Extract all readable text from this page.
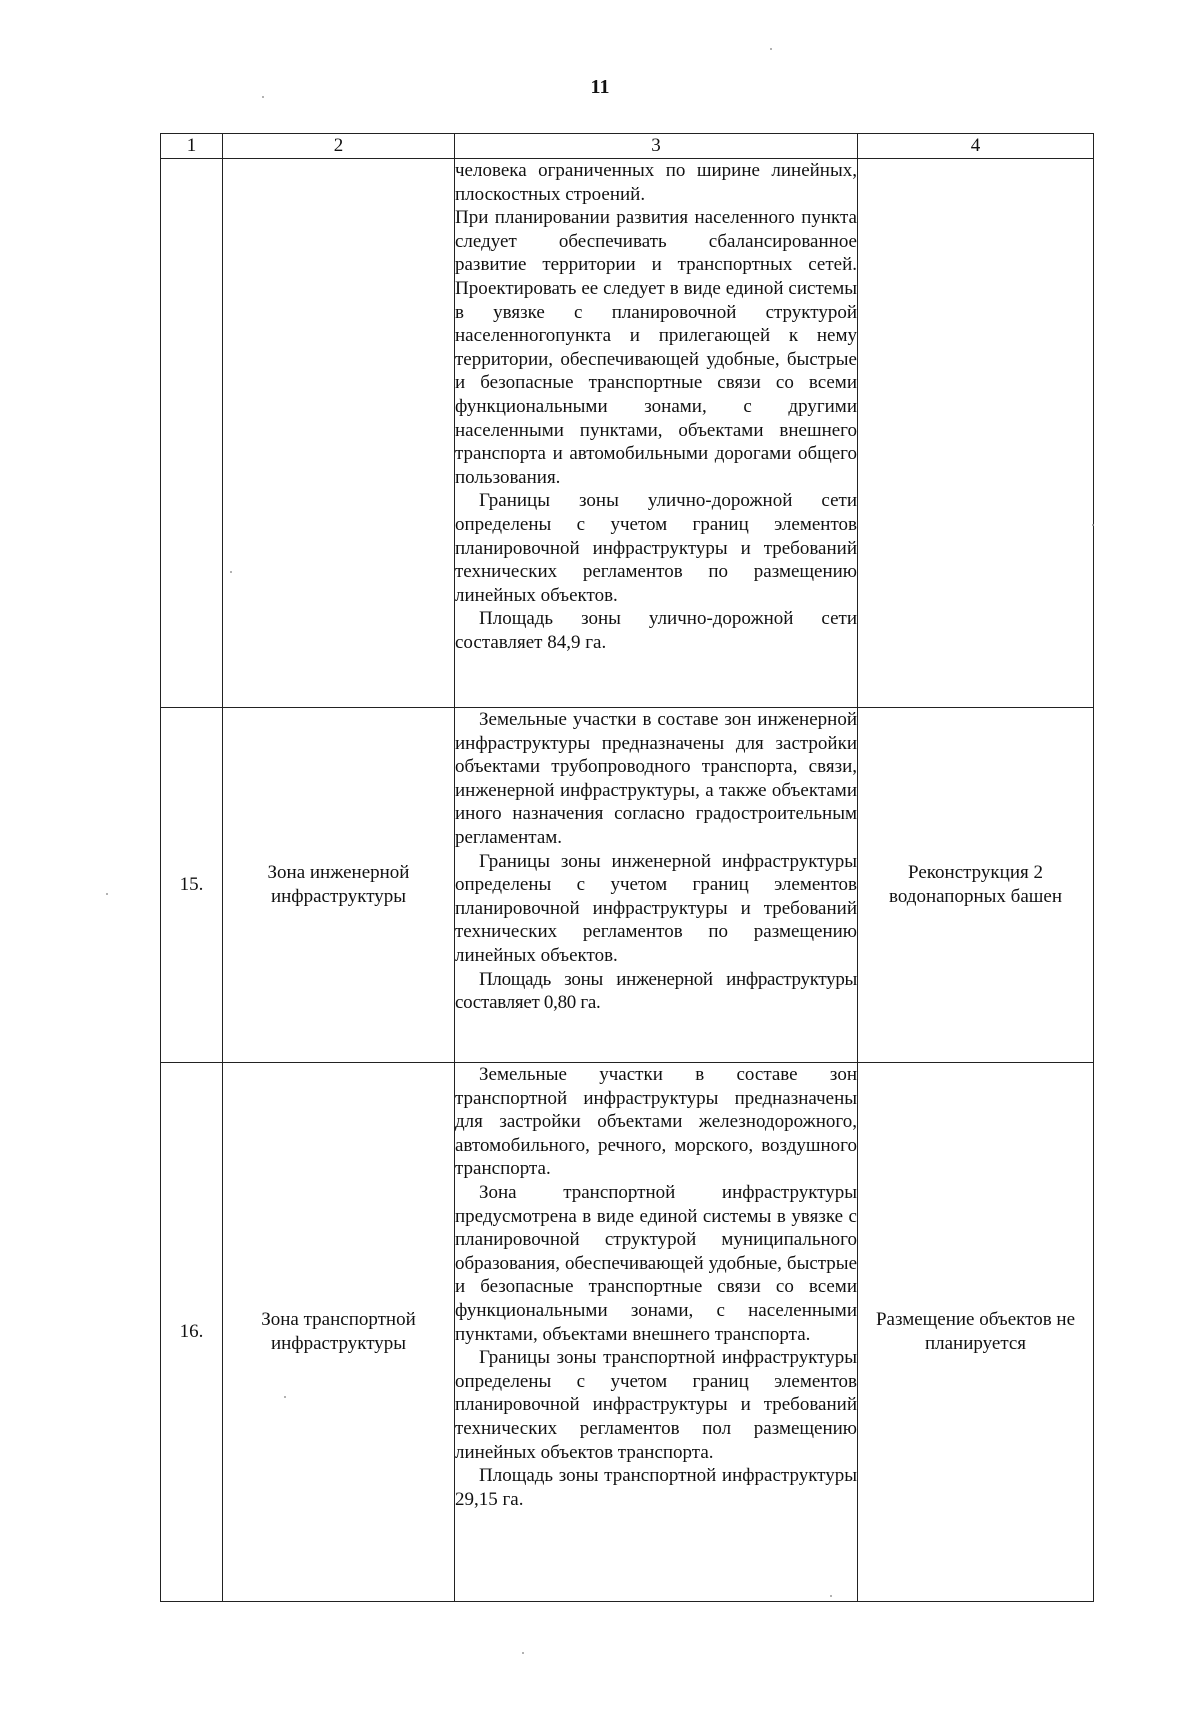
11
1	2	3	4

		человека ограниченных по ширине линейных, плоскостных строений.

При планировании развития населенного пункта следует обеспечивать сбалансированное развитие территории и транспортных сетей. Проектировать ее следует в виде единой системы в увязке с планировочной структурой населенногопункта и прилегающей к нему территории, обеспечивающей удобные, быстрые и безопасные транспортные связи со всеми функциональными зонами, с другими населенными пунктами, объектами внешнего транспорта и автомобильными дорогами общего пользования.

Границы зоны улично-дорожной сети определены с учетом границ элементов планировочной инфраструктуры и требований технических регламентов по размещению линейных объектов.

Площадь зоны улично-дорожной сети составляет 84,9 га.	

15.	Зона инженерной инфраструктуры	Земельные участки в составе зон инженерной инфраструктуры предназначены для застройки объектами трубопроводного транспорта, связи, инженерной инфраструктуры, а также объектами иного назначения согласно градостроительным регламентам.

Границы зоны инженерной инфраструктуры определены с учетом границ элементов планировочной инфраструктуры и требований технических регламентов по размещению линейных объектов.

Площадь зоны инженерной инфраструктуры составляет 0,80 га.	Реконструкция 2 водонапорных башен
16.	Зона транспортной инфраструктуры	Земельные участки в составе зон транспортной инфраструктуры предназначены для застройки объектами железнодорожного, автомобильного, речного, морского, воздушного транспорта.

Зона транспортной инфраструктуры предусмотрена в виде единой системы в увязке с планировочной структурой муниципального образования, обеспечивающей удобные, быстрые и безопасные транспортные связи со всеми функциональными зонами, с населенными пунктами, объектами внешнего транспорта.

Границы зоны транспортной инфраструктуры определены с учетом границ элементов планировочной инфраструктуры и требований технических регламентов пол размещению линейных объектов транспорта.

Площадь зоны транспортной инфраструктуры 29,15 га.	Размещение объектов не планируется
